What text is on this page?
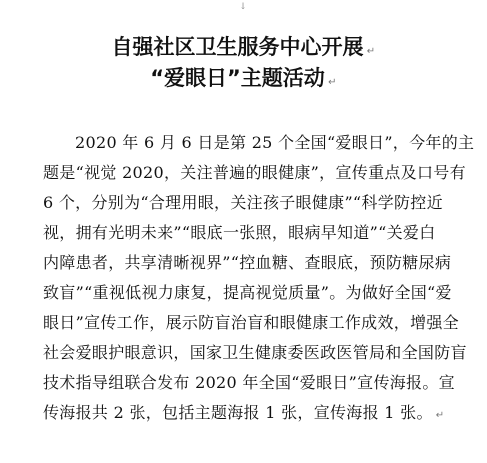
↓
自强社区卫生服务中心开展 ↵
“爱眼日”主题活动 ↵
2020 年 6 月 6 日是第 25 个全国“爱眼日”，今年的主
题是“视觉 2020，关注普遍的眼健康”，宣传重点及口号有
6 个，分别为“合理用眼，关注孩子眼健康”“科学防控近
视，拥有光明未来”“眼底一张照，眼病早知道”“关爱白
内障患者，共享清晰视界”“控血糖、查眼底，预防糖尿病
致盲”“重视低视力康复，提高视觉质量”。为做好全国“爱
眼日”宣传工作，展示防盲治盲和眼健康工作成效，增强全
社会爱眼护眼意识，国家卫生健康委医政医管局和全国防盲
技术指导组联合发布 2020 年全国“爱眼日”宣传海报。宣
传海报共 2 张，包括主题海报 1 张，宣传海报 1 张。 ↵
